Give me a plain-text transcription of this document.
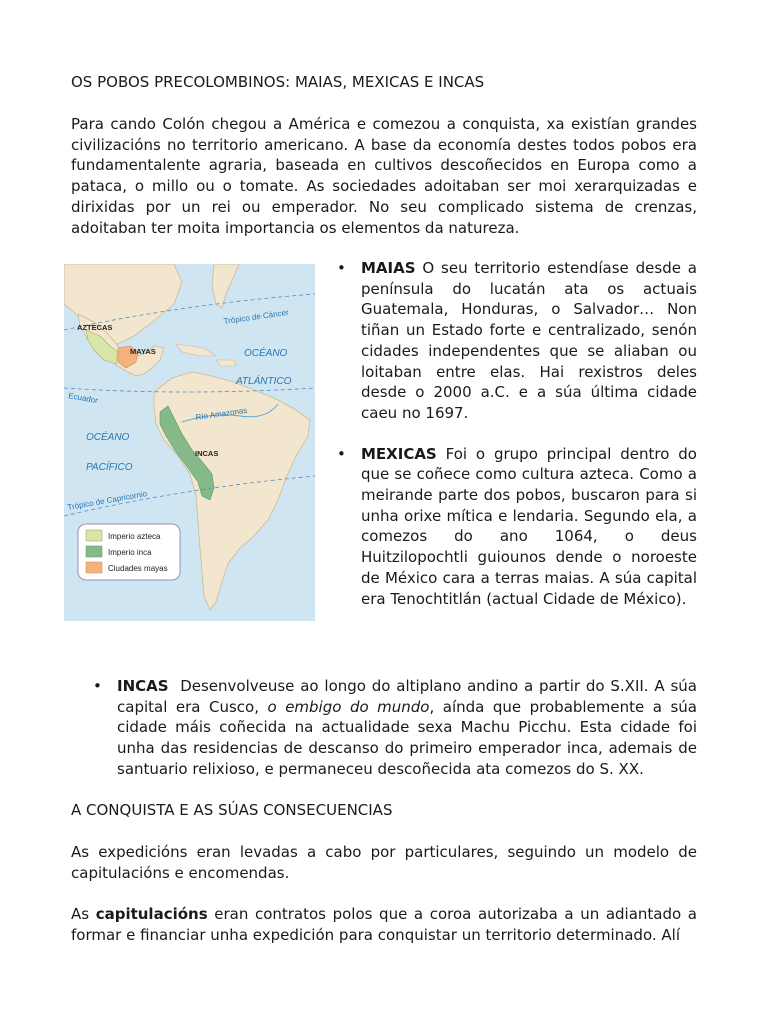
OS POBOS PRECOLOMBINOS: MAIAS, MEXICAS E INCAS

Para cando Colón chegou a América e comezou a conquista, xa existían grandes civilizacións no territorio americano. A base da economía destes todos pobos era fundamentalente agraria, baseada en cultivos descoñecidos en Europa como a pataca, o millo ou o tomate. As sociedades adoitaban ser moi xerarquizadas e dirixidas por un rei ou emperador. No seu complicado sistema de crenzas, adoitaban ter moita importancia os elementos da natureza.

Trópico de Cáncer
AZTECAS
MAYAS	OCÉANO
ATLÁNTICO
Ecuador
Río Amazonas
OCÉANO
PACÍFICO
INCAS
Trópico de Capricornio
Imperio azteca
Imperio inca
Ciudades mayas
• MAIAS O seu territorio estendíase desde a península do lucatán ata os actuais Guatemala, Honduras, o Salvador… Non tiñan un Estado forte e centralizado, senón cidades independentes que se aliaban ou loitaban entre elas. Hai rexistros deles desde o 2000 a.C. e a súa última cidade caeu no 1697.
• MEXICAS Foi o grupo principal dentro do que se coñece como cultura azteca. Como a meirande parte dos pobos, buscaron para si unha orixe mítica e lendaria. Segundo ela, a comezos do ano 1064, o deus Huitzilopochtli guiounos dende o noroeste de México cara a terras maias. A súa capital era Tenochtitlán (actual Cidade de México).
• INCAS  Desenvolveuse ao longo do altiplano andino a partir do S.XII. A súa capital era Cusco, o embigo do mundo, aínda que probablemente a súa cidade máis coñecida na actualidade sexa Machu Picchu. Esta cidade foi unha das residencias de descanso do primeiro emperador inca, ademais de santuario relixioso, e permaneceu descoñecida ata comezos do S. XX.
A CONQUISTA E AS SÚAS CONSECUENCIAS

As expedicións eran levadas a cabo por particulares, seguindo un modelo de capitulacións e encomendas.

As capitulacións eran contratos polos que a coroa autorizaba a un adiantado a formar e financiar unha expedición para conquistar un territorio determinado. Alí
